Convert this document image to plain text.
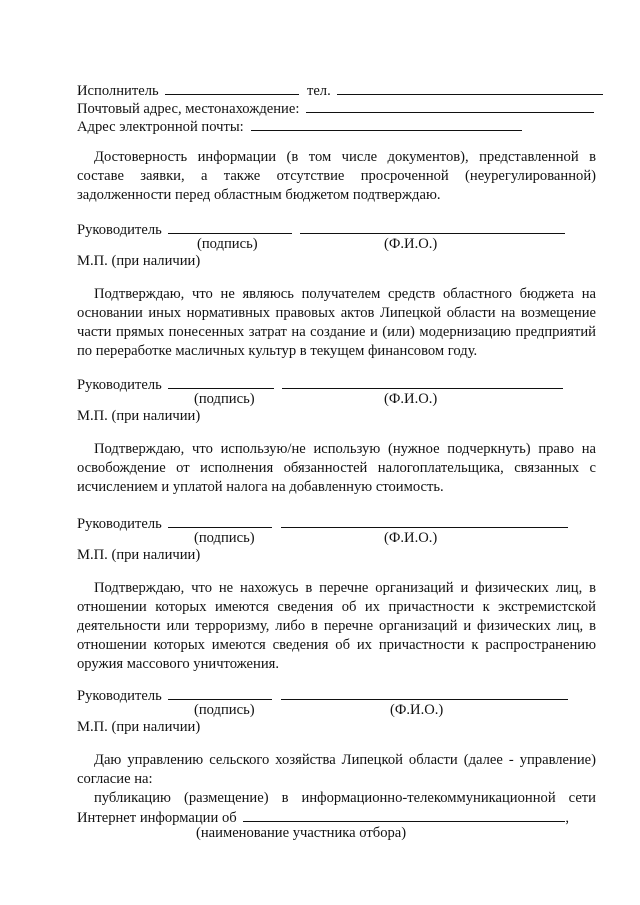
Исполнитель	тел.
Почтовый адрес, местонахождение:
Адрес электронной почты:
Достоверность информации (в том числе документов), представленной в составе заявки, а также отсутствие просроченной (неурегулированной) задолженности перед областным бюджетом подтверждаю.
Руководитель
(подпись)	(Ф.И.О.)
М.П. (при наличии)
Подтверждаю, что не являюсь получателем средств областного бюджета на основании иных нормативных правовых актов Липецкой области на возмещение части прямых понесенных затрат на создание и (или) модернизацию предприятий по переработке масличных культур в текущем финансовом году.
Руководитель
(подпись)	(Ф.И.О.)
М.П. (при наличии)
Подтверждаю, что использую/не использую (нужное подчеркнуть) право на освобождение от исполнения обязанностей налогоплательщика, связанных с исчислением и уплатой налога на добавленную стоимость.
Руководитель
(подпись)	(Ф.И.О.)
М.П. (при наличии)
Подтверждаю, что не нахожусь в перечне организаций и физических лиц, в отношении которых имеются сведения об их причастности к экстремистской деятельности или терроризму, либо в перечне организаций и физических лиц, в отношении которых имеются сведения об их причастности к распространению оружия массового уничтожения.
Руководитель
(подпись)	(Ф.И.О.)
М.П. (при наличии)
Даю управлению сельского хозяйства Липецкой области (далее - управление) согласие на:
публикацию (размещение) в информационно-телекоммуникационной сети
Интернет информации об	,
(наименование участника отбора)
